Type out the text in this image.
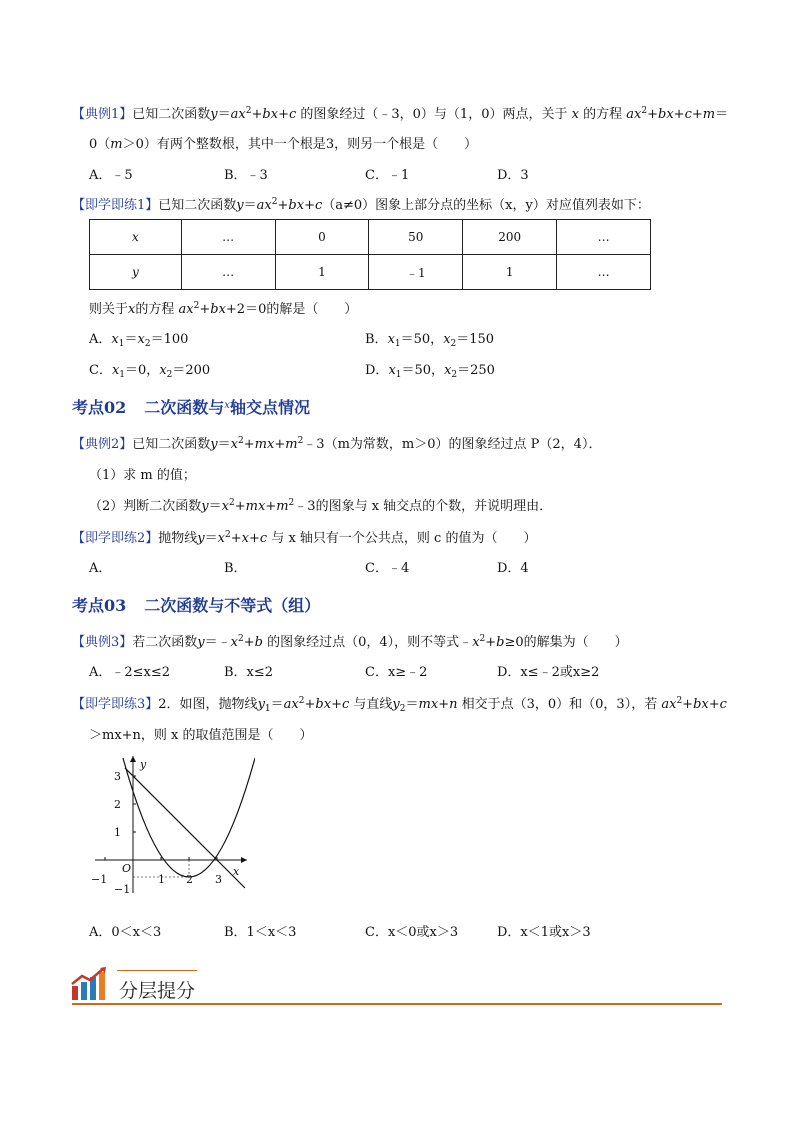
【典例1】已知二次函数$y=ax^2+bx+c$ 的图象经过（﹣3，0）与（1，0）两点，关于 x 的方程 $ax^2+bx+c+m=$
0（m＞0）有两个整数根，其中一个根是3，则另一个根是（　　）
A．﹣5	B．﹣3	C．﹣1	D．3
【即学即练1】已知二次函数$y=ax^2+bx+c(a\ne 0)$图象上部分点的坐标（x，y）对应值列表如下：
x	…	0	50	200	…
y	…	1	﹣1	1	…
则关于x的方程 $ax^2+bx+2=0$的解是（　　）
A．$x_1=x_2=100$	B．$x_1=50$，$x_2=150$
C．$x_1=0$，$x_2=200$	D．$x_1=50$，$x_2=250$
考点02 二次函数与$^x$轴交点情况
【典例2】已知二次函数$y=x^2+mx+m^2﹣3(m$为常数，m＞0）的图象经过点 P（2，4）．
（1）求 m 的值；
（2）判断二次函数$y=x^2+mx+m^2﹣3$的图象与 x 轴交点的个数，并说明理由．
【即学即练2】抛物线$y=x^2+x+c$ 与 x 轴只有一个公共点，则 c 的值为（　　）
A．	B．	C．﹣4	D．4
考点03 二次函数与不等式（组）
【典例3】若二次函数$y=﹣x^2+b$ 的图象经过点（0，4），则不等式$﹣x^2+b\ge 0$的解集为（　　）
A．﹣2≤x≤2	B．x≤2	C．x≥﹣2	D．x≤﹣2或x≥2
【即学即练3】2．如图，抛物线$y_1=ax^2+bx+c$ 与直线$y_2=mx+n$ 相交于点（3，0）和（0，3），若 $ax^2+bx+c$
＞mx+n，则 x 的取值范围是（　　）
y
x
O
−1	1 2 3
3
2
1
−1
A．0＜x＜3	B．1＜x＜3	C．x＜0或x＞3	D．x＜1或x＞3
分层提分
